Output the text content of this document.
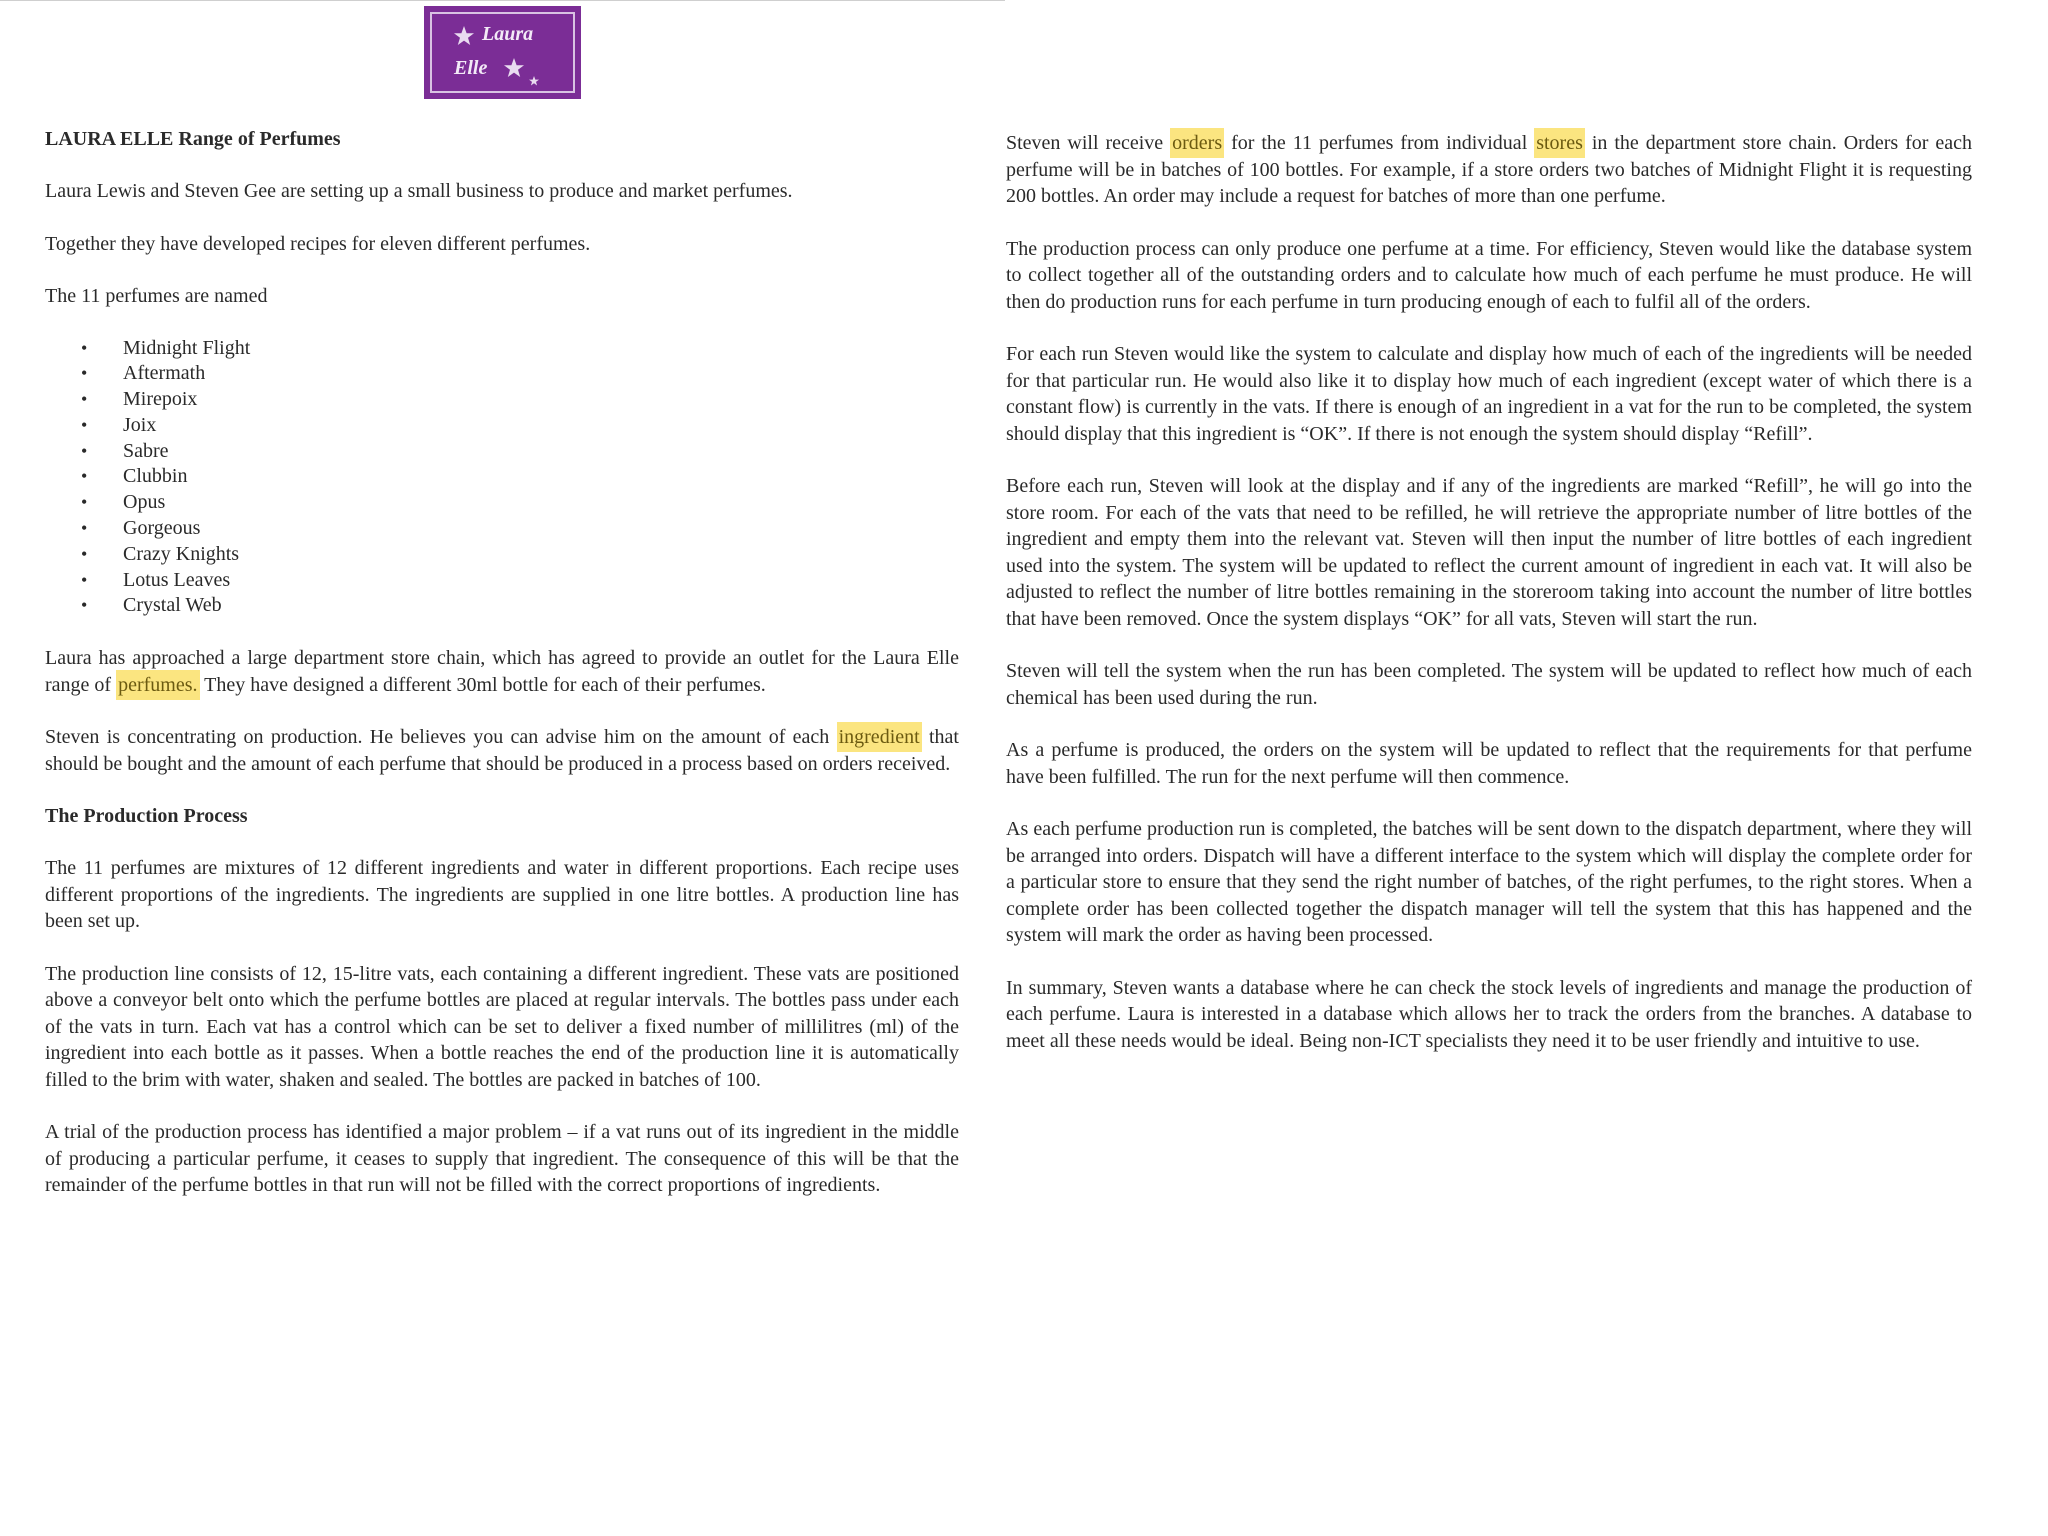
Laura
Elle
LAURA ELLE Range of Perfumes

Laura Lewis and Steven Gee are setting up a small business to produce and market perfumes.

Together they have developed recipes for eleven different perfumes.

The 11 perfumes are named

• Midnight Flight
• Aftermath
• Mirepoix
• Joix
• Sabre
• Clubbin
• Opus
• Gorgeous
• Crazy Knights
• Lotus Leaves
• Crystal Web

Laura has approached a large department store chain, which has agreed to provide an outlet for the Laura Elle range of perfumes. They have designed a different 30ml bottle for each of their perfumes.

Steven is concentrating on production. He believes you can advise him on the amount of each ingredient that should be bought and the amount of each perfume that should be produced in a process based on orders received.

The Production Process

The 11 perfumes are mixtures of 12 different ingredients and water in different proportions. Each recipe uses different proportions of the ingredients. The ingredients are supplied in one litre bottles. A production line has been set up.

The production line consists of 12, 15-litre vats, each containing a different ingredient. These vats are positioned above a conveyor belt onto which the perfume bottles are placed at regular intervals. The bottles pass under each of the vats in turn. Each vat has a control which can be set to deliver a fixed number of millilitres (ml) of the ingredient into each bottle as it passes. When a bottle reaches the end of the production line it is automatically filled to the brim with water, shaken and sealed. The bottles are packed in batches of 100.

A trial of the production process has identified a major problem – if a vat runs out of its ingredient in the middle of producing a particular perfume, it ceases to supply that ingredient. The consequence of this will be that the remainder of the perfume bottles in that run will not be filled with the correct proportions of ingredients.

Steven will receive orders for the 11 perfumes from individual stores in the department store chain. Orders for each perfume will be in batches of 100 bottles. For example, if a store orders two batches of Midnight Flight it is requesting 200 bottles. An order may include a request for batches of more than one perfume.

The production process can only produce one perfume at a time. For efficiency, Steven would like the database system to collect together all of the outstanding orders and to calculate how much of each perfume he must produce. He will then do production runs for each perfume in turn producing enough of each to fulfil all of the orders.

For each run Steven would like the system to calculate and display how much of each of the ingredients will be needed for that particular run. He would also like it to display how much of each ingredient (except water of which there is a constant flow) is currently in the vats. If there is enough of an ingredient in a vat for the run to be completed, the system should display that this ingredient is “OK”. If there is not enough the system should display “Refill”.

Before each run, Steven will look at the display and if any of the ingredients are marked “Refill”, he will go into the store room. For each of the vats that need to be refilled, he will retrieve the appropriate number of litre bottles of the ingredient and empty them into the relevant vat. Steven will then input the number of litre bottles of each ingredient used into the system. The system will be updated to reflect the current amount of ingredient in each vat. It will also be adjusted to reflect the number of litre bottles remaining in the storeroom taking into account the number of litre bottles that have been removed. Once the system displays “OK” for all vats, Steven will start the run.

Steven will tell the system when the run has been completed. The system will be updated to reflect how much of each chemical has been used during the run.

As a perfume is produced, the orders on the system will be updated to reflect that the requirements for that perfume have been fulfilled. The run for the next perfume will then commence.

As each perfume production run is completed, the batches will be sent down to the dispatch department, where they will be arranged into orders. Dispatch will have a different interface to the system which will display the complete order for a particular store to ensure that they send the right number of batches, of the right perfumes, to the right stores. When a complete order has been collected together the dispatch manager will tell the system that this has happened and the system will mark the order as having been processed.

In summary, Steven wants a database where he can check the stock levels of ingredients and manage the production of each perfume. Laura is interested in a database which allows her to track the orders from the branches. A database to meet all these needs would be ideal. Being non-ICT specialists they need it to be user friendly and intuitive to use.
